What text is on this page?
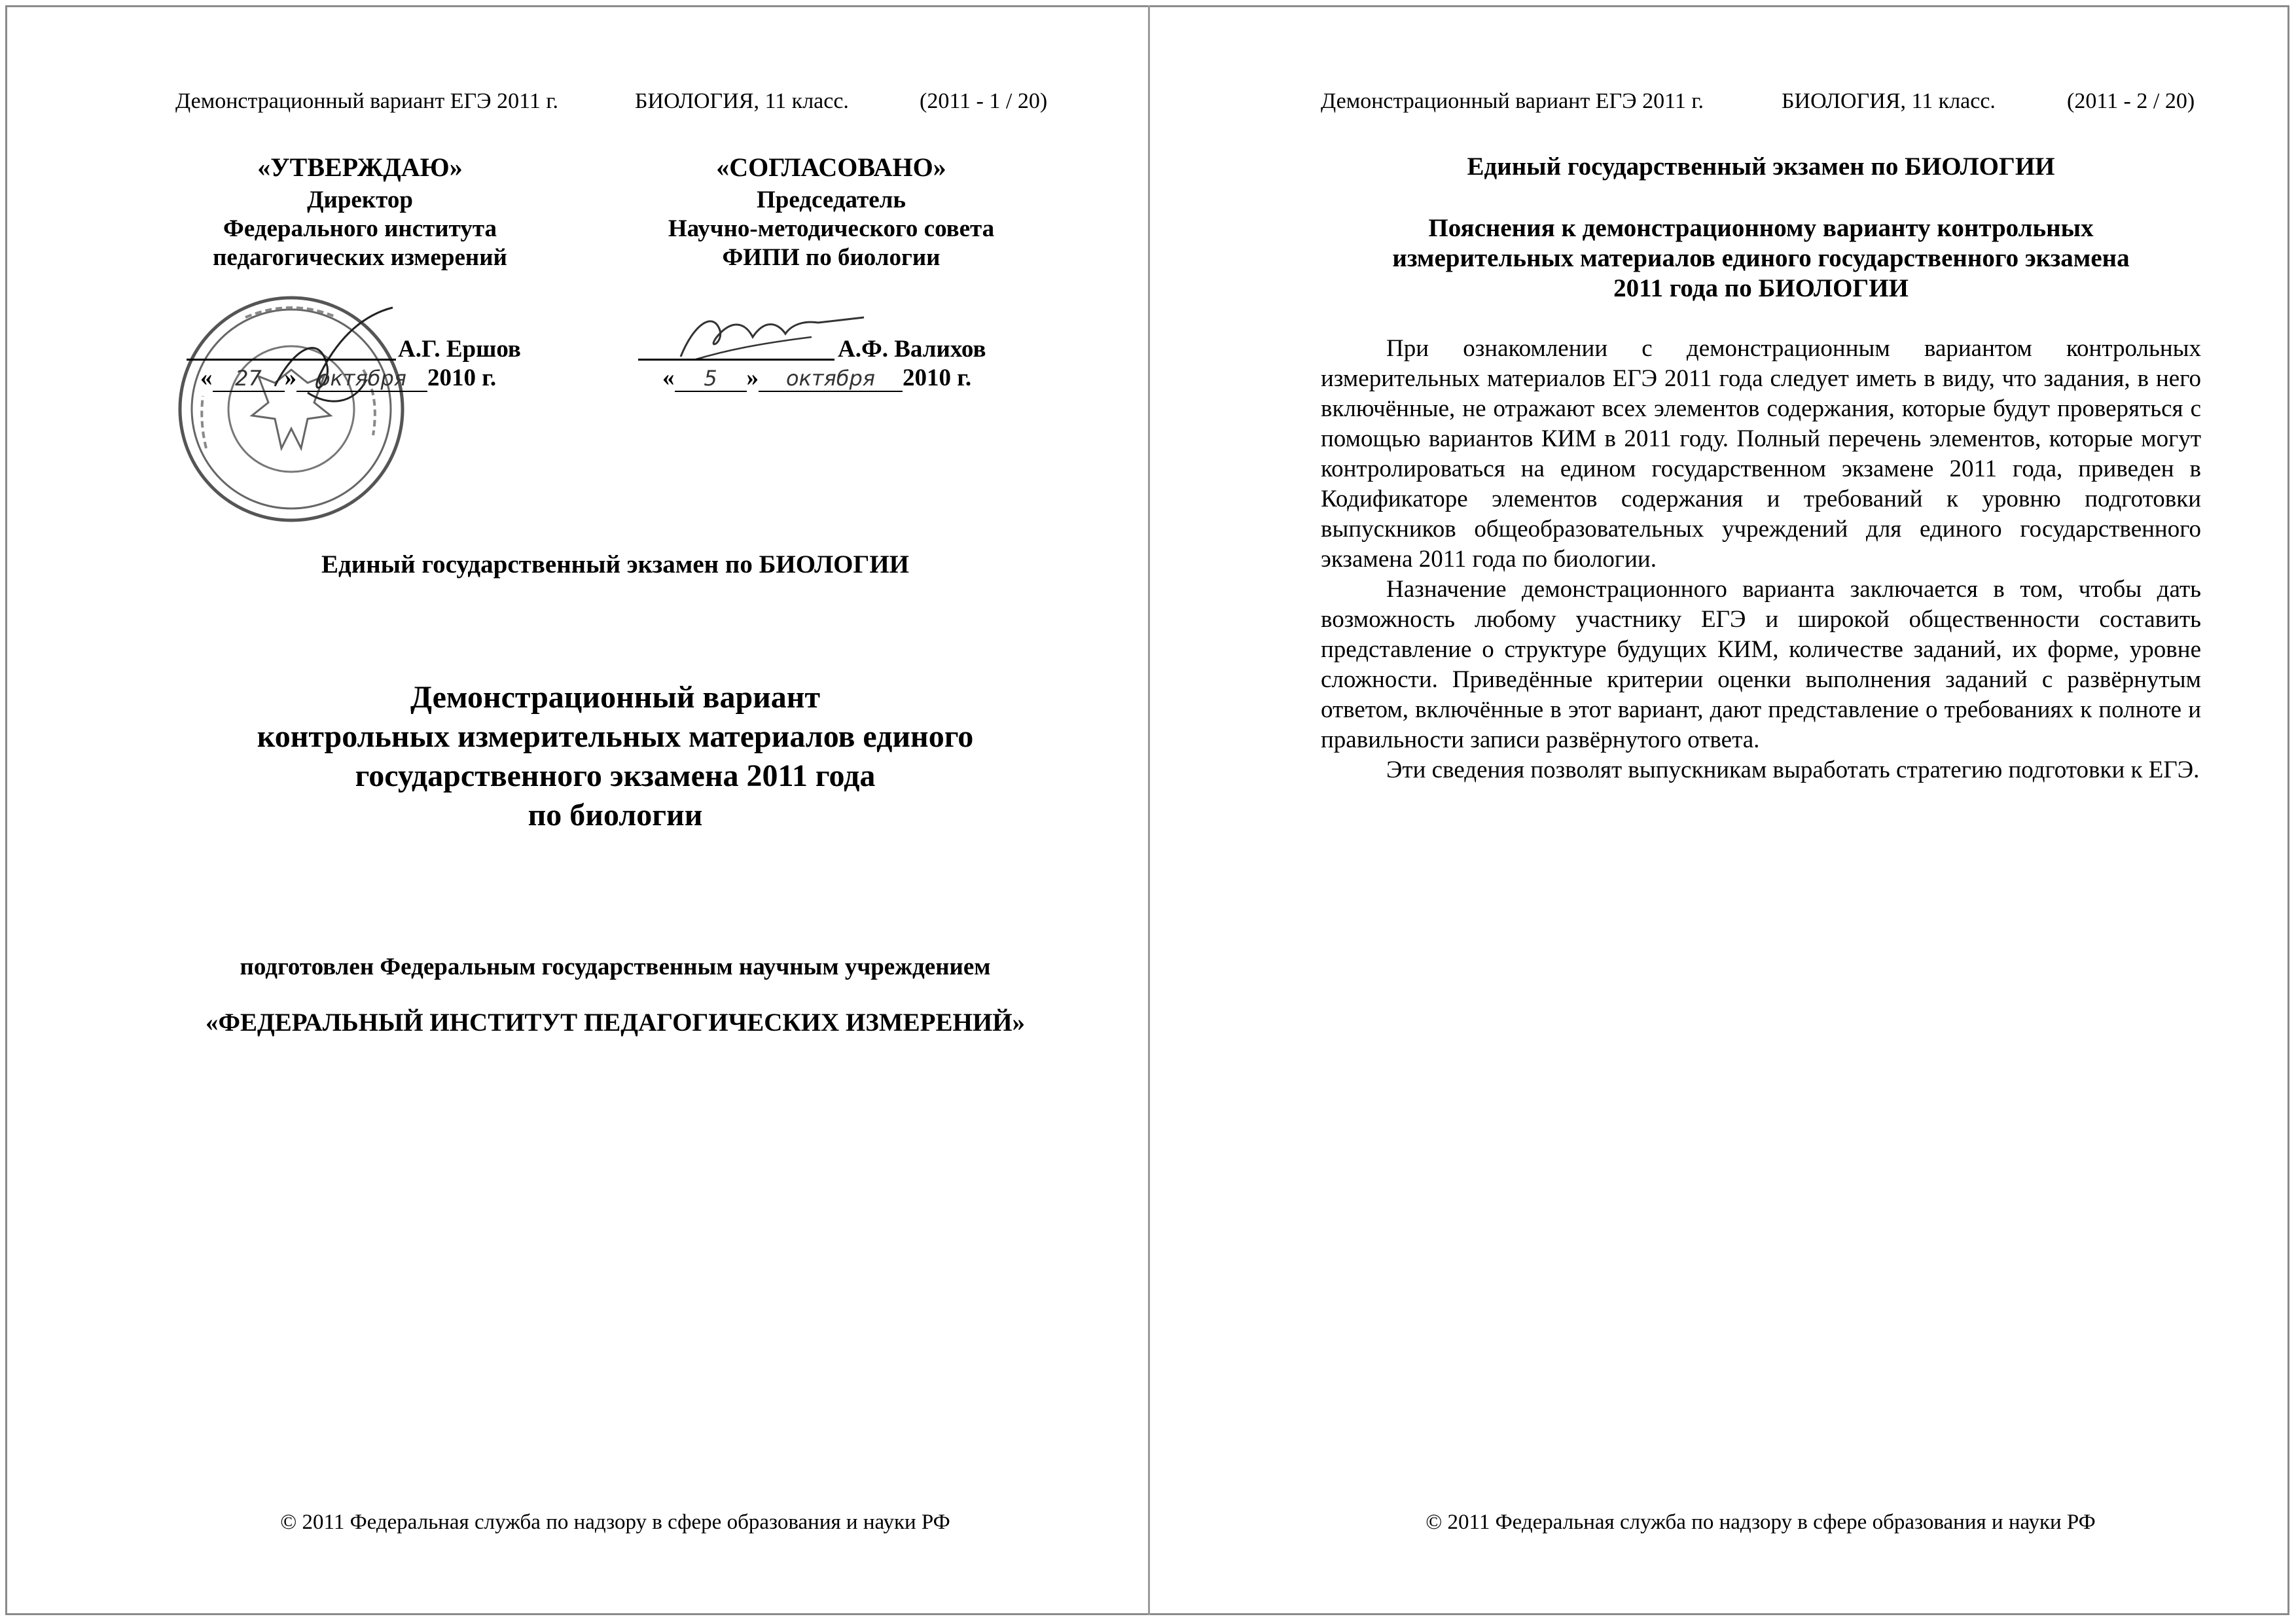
Демонстрационный вариант ЕГЭ 2011 г.	БИОЛОГИЯ, 11 класс.	(2011 - 1 / 20)
«УТВЕРЖДАЮ»
Директор
Федерального института
педагогических измерений
А.Г. Ершов
« 27 » октября 2010 г.
«СОГЛАСОВАНО»
Председатель
Научно-методического совета
ФИПИ по биологии
А.Ф. Валихов
« 5 » октября 2010 г.
Единый государственный экзамен по БИОЛОГИИ
Демонстрационный вариант
контрольных измерительных материалов единого
государственного экзамена 2011 года
по биологии
подготовлен Федеральным государственным научным учреждением
«ФЕДЕРАЛЬНЫЙ ИНСТИТУТ ПЕДАГОГИЧЕСКИХ ИЗМЕРЕНИЙ»
© 2011 Федеральная служба по надзору в сфере образования и науки РФ
Демонстрационный вариант ЕГЭ 2011 г.	БИОЛОГИЯ, 11 класс.	(2011 - 2 / 20)
Единый государственный экзамен по БИОЛОГИИ
Пояснения к демонстрационному варианту контрольных
измерительных материалов единого государственного экзамена
2011 года по БИОЛОГИИ

При ознакомлении с демонстрационным вариантом контрольных измерительных материалов ЕГЭ 2011 года следует иметь в виду, что задания, в него включённые, не отражают всех элементов содержания, которые будут проверяться с помощью вариантов КИМ в 2011 году. Полный перечень элементов, которые могут контролироваться на едином государственном экзамене 2011 года, приведен в Кодификаторе элементов содержания и требований к уровню подготовки выпускников общеобразовательных учреждений для единого государственного экзамена 2011 года по биологии.

Назначение демонстрационного варианта заключается в том, чтобы дать возможность любому участнику ЕГЭ и широкой общественности составить представление о структуре будущих КИМ, количестве заданий, их форме, уровне сложности. Приведённые критерии оценки выполнения заданий с развёрнутым ответом, включённые в этот вариант, дают представление о требованиях к полноте и правильности записи развёрнутого ответа.

Эти сведения позволят выпускникам выработать стратегию подготовки к ЕГЭ.

© 2011 Федеральная служба по надзору в сфере образования и науки РФ
